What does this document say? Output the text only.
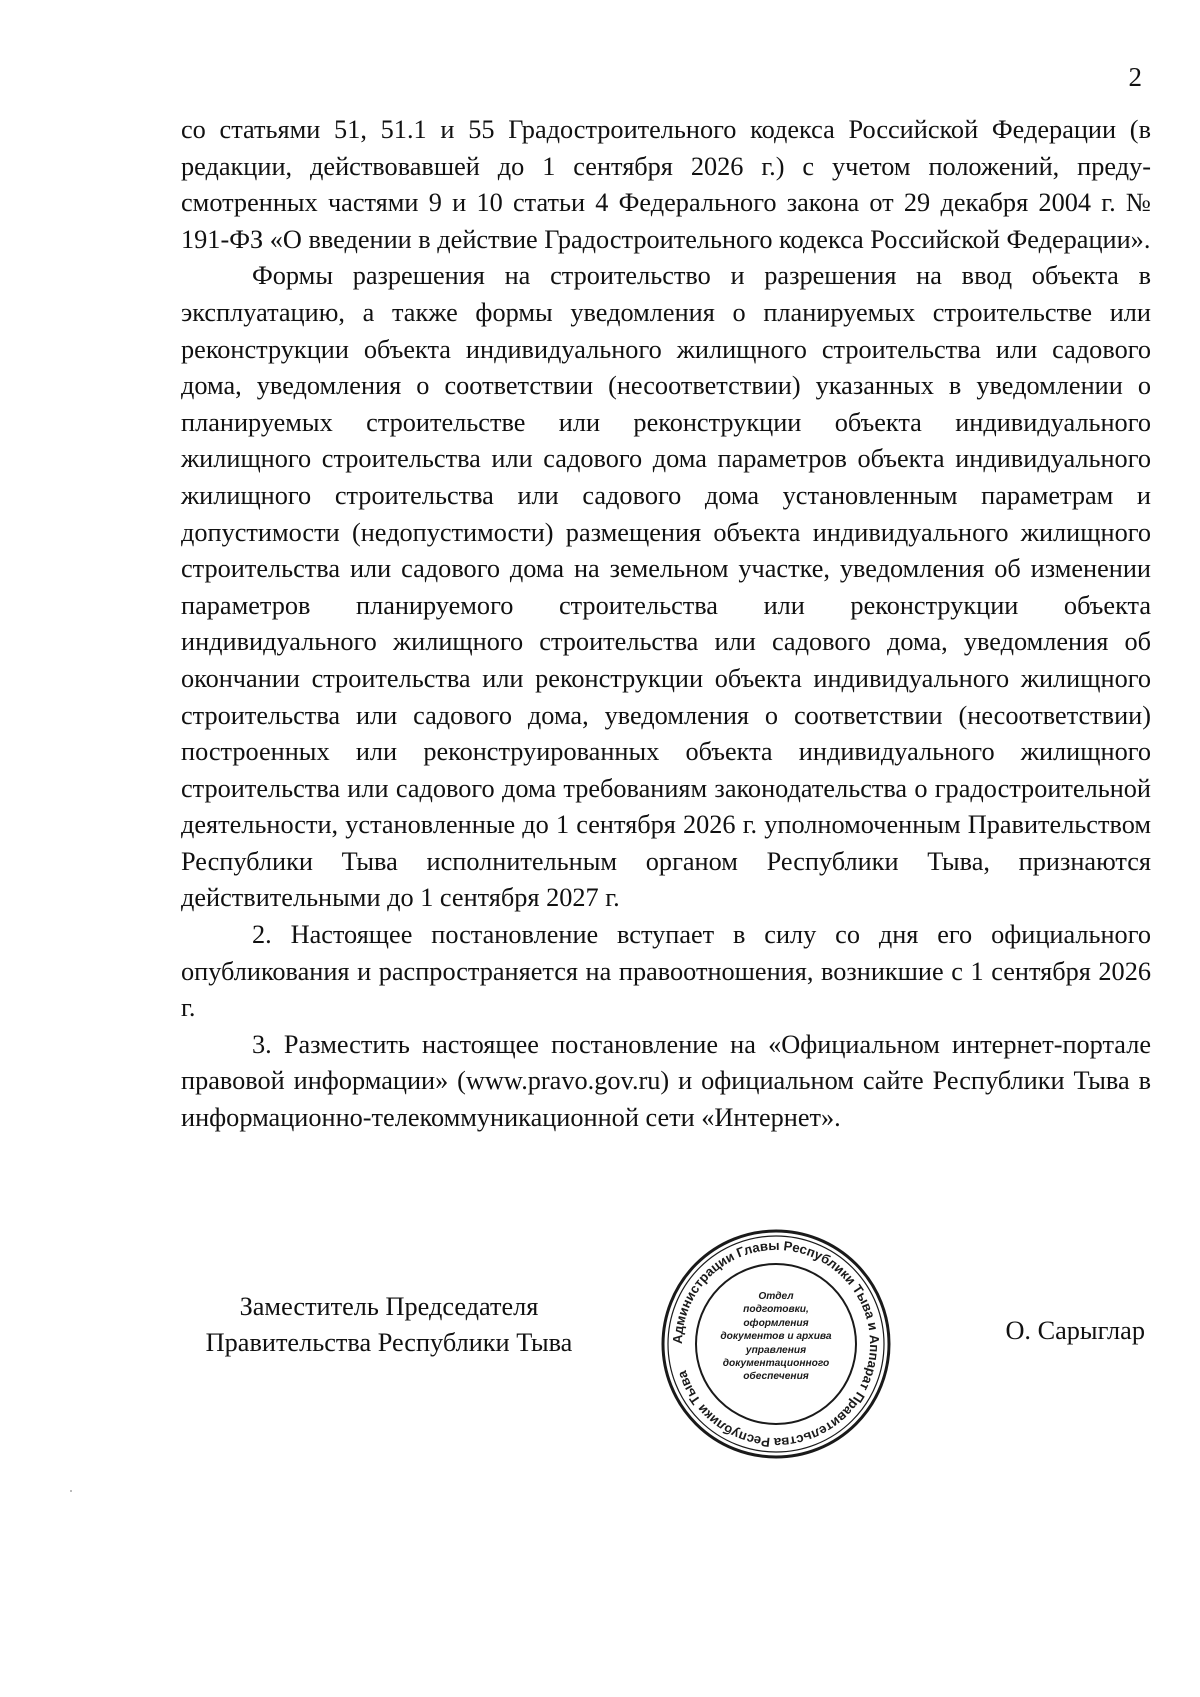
2

со статьями 51, 51.1 и 55 Градостроительного кодекса Российской Федерации (в редакции, действовавшей до 1 сентября 2026 г.) с учетом положений, предусмотренных частями 9 и 10 статьи 4 Федерального закона от 29 декабря 2004 г. № 191-ФЗ «О введении в действие Градостроительного кодекса Российской Федерации».

Формы разрешения на строительство и разрешения на ввод объекта в эксплуатацию, а также формы уведомления о планируемых строительстве или реконструкции объекта индивидуального жилищного строительства или садового дома, уведомления о соответствии (несоответствии) указанных в уведомлении о планируемых строительстве или реконструкции объекта индивидуального жилищного строительства или садового дома параметров объекта индивидуального жилищного строительства или садового дома установленным параметрам и допустимости (недопустимости) размещения объекта индивидуального жилищного строительства или садового дома на земельном участке, уведомления об изменении параметров планируемого строительства или реконструкции объекта индивидуального жилищного строительства или садового дома, уведомления об окончании строительства или реконструкции объекта индивидуального жилищного строительства или садового дома, уведомления о соответствии (несоответствии) построенных или реконструированных объекта индивидуального жилищного строительства или садового дома требованиям законодательства о градостроительной деятельности, установленные до 1 сентября 2026 г. уполномоченным Правительством Республики Тыва исполнительным органом Республики Тыва, признаются действительными до 1 сентября 2027 г.

2. Настоящее постановление вступает в силу со дня его официального опубликования и распространяется на правоотношения, возникшие с 1 сентября 2026 г.

3. Разместить настоящее постановление на «Официальном интернет-портале правовой информации» (www.pravo.gov.ru) и официальном сайте Республики Тыва в информационно-телекоммуникационной сети «Интернет».

Заместитель Председателя
Правительства Республики Тыва	Администрации Главы Республики Тыва и Аппарат Правительства Республики Тыва
Отдел
подготовки,
оформления
документов и архива
управления
документационного
обеспечения
О. Сарыглар
